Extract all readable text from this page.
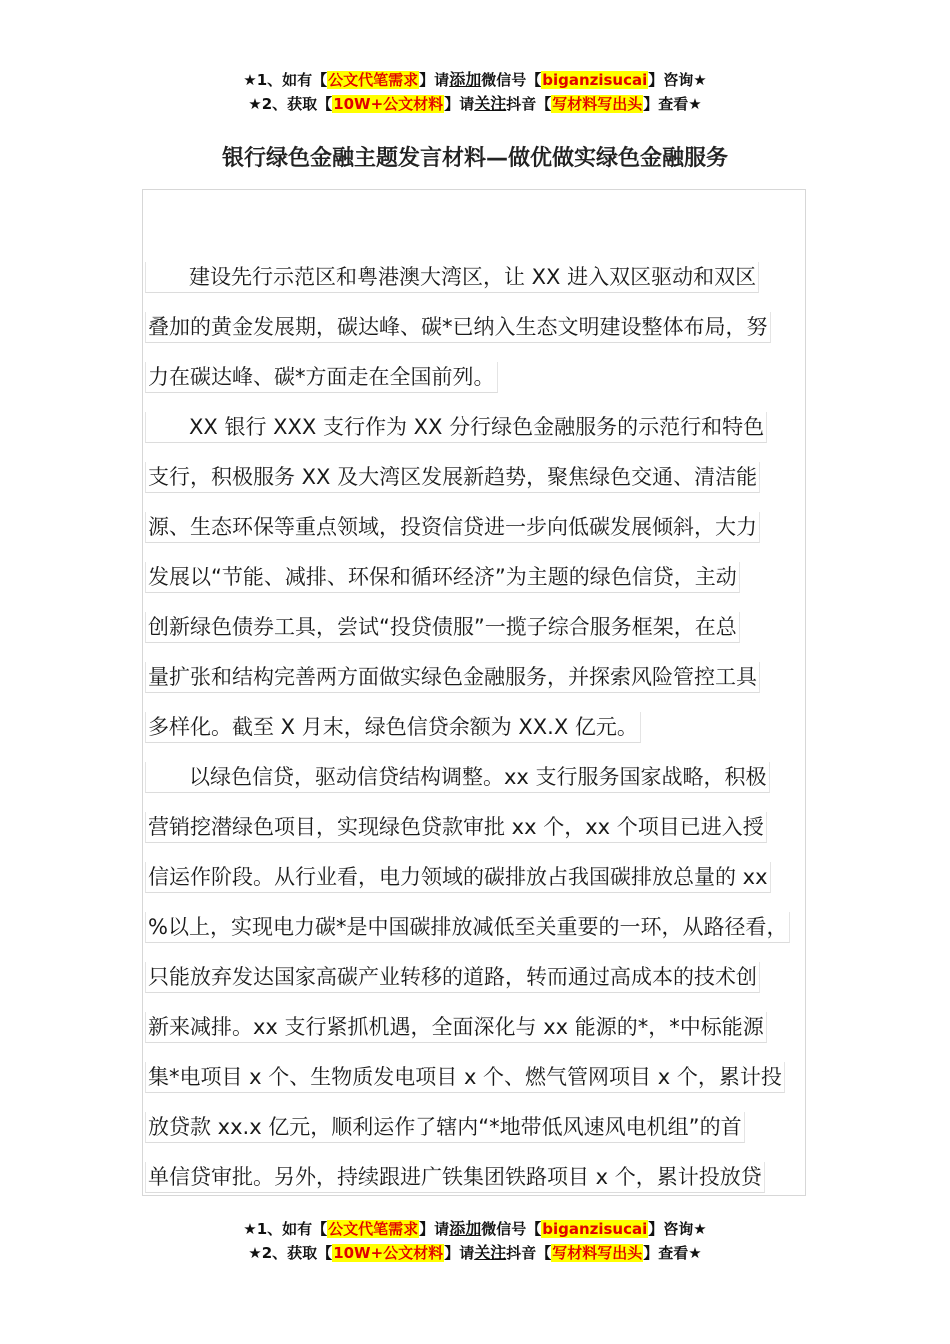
★1、如有【公文代笔需求】请添加微信号【biganzisucai】咨询★
★2、获取【10W+公文材料】请关注抖音【写材料写出头】查看★
银行绿色金融主题发言材料—做优做实绿色金融服务
建设先行示范区和粤港澳大湾区，让 XX 进入双区驱动和双区
叠加的黄金发展期，碳达峰、碳*已纳入生态文明建设整体布局，努
力在碳达峰、碳*方面走在全国前列。
XX 银行 XXX 支行作为 XX 分行绿色金融服务的示范行和特色
支行，积极服务 XX 及大湾区发展新趋势，聚焦绿色交通、清洁能
源、生态环保等重点领域，投资信贷进一步向低碳发展倾斜，大力
发展以“节能、减排、环保和循环经济”为主题的绿色信贷，主动
创新绿色债券工具，尝试“投贷债服”一揽子综合服务框架，在总
量扩张和结构完善两方面做实绿色金融服务，并探索风险管控工具
多样化。截至 X 月末，绿色信贷余额为 XX.X 亿元。
以绿色信贷，驱动信贷结构调整。xx 支行服务国家战略，积极
营销挖潜绿色项目，实现绿色贷款审批 xx 个，xx 个项目已进入授
信运作阶段。从行业看，电力领域的碳排放占我国碳排放总量的 xx
%以上，实现电力碳*是中国碳排放减低至关重要的一环，从路径看，
只能放弃发达国家高碳产业转移的道路，转而通过高成本的技术创
新来减排。xx 支行紧抓机遇，全面深化与 xx 能源的*，*中标能源
集*电项目 x 个、生物质发电项目 x 个、燃气管网项目 x 个，累计投
放贷款 xx.x 亿元，顺利运作了辖内“*地带低风速风电机组”的首
单信贷审批。另外，持续跟进广铁集团铁路项目 x 个，累计投放贷
★1、如有【公文代笔需求】请添加微信号【biganzisucai】咨询★
★2、获取【10W+公文材料】请关注抖音【写材料写出头】查看★
